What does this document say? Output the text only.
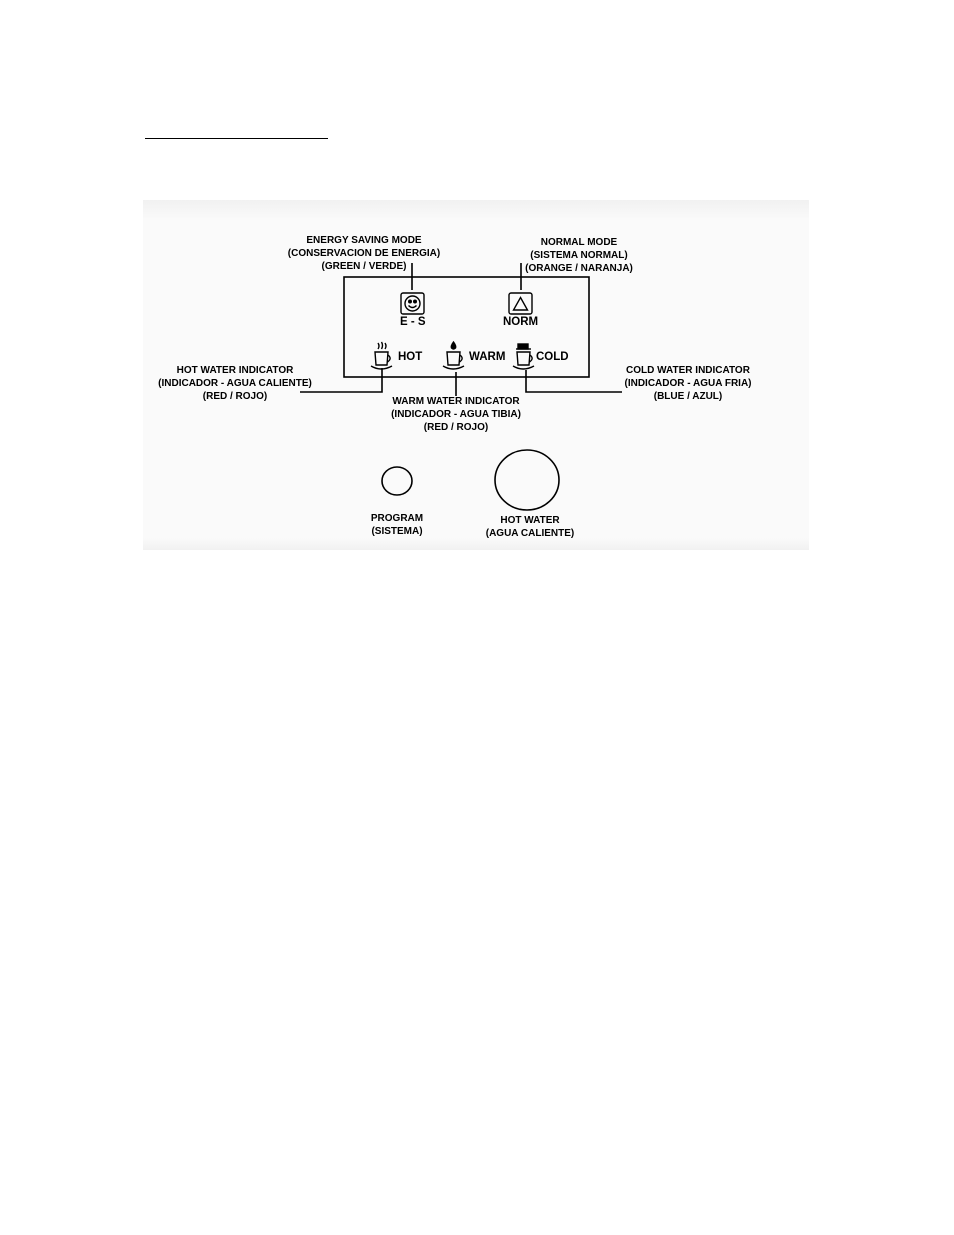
ENERGY SAVING MODE
(CONSERVACION DE ENERGIA)
(GREEN / VERDE)
NORMAL MODE
(SISTEMA NORMAL)
(ORANGE / NARANJA)
HOT WATER INDICATOR
(INDICADOR - AGUA CALIENTE)
(RED / ROJO)	WARM WATER INDICATOR
(INDICADOR - AGUA TIBIA)
(RED / ROJO)
COLD WATER INDICATOR
(INDICADOR - AGUA FRIA)
(BLUE / AZUL)
E - S	NORM
HOT	WARM	COLD
PROGRAM
(SISTEMA)
HOT WATER
(AGUA CALIENTE)
